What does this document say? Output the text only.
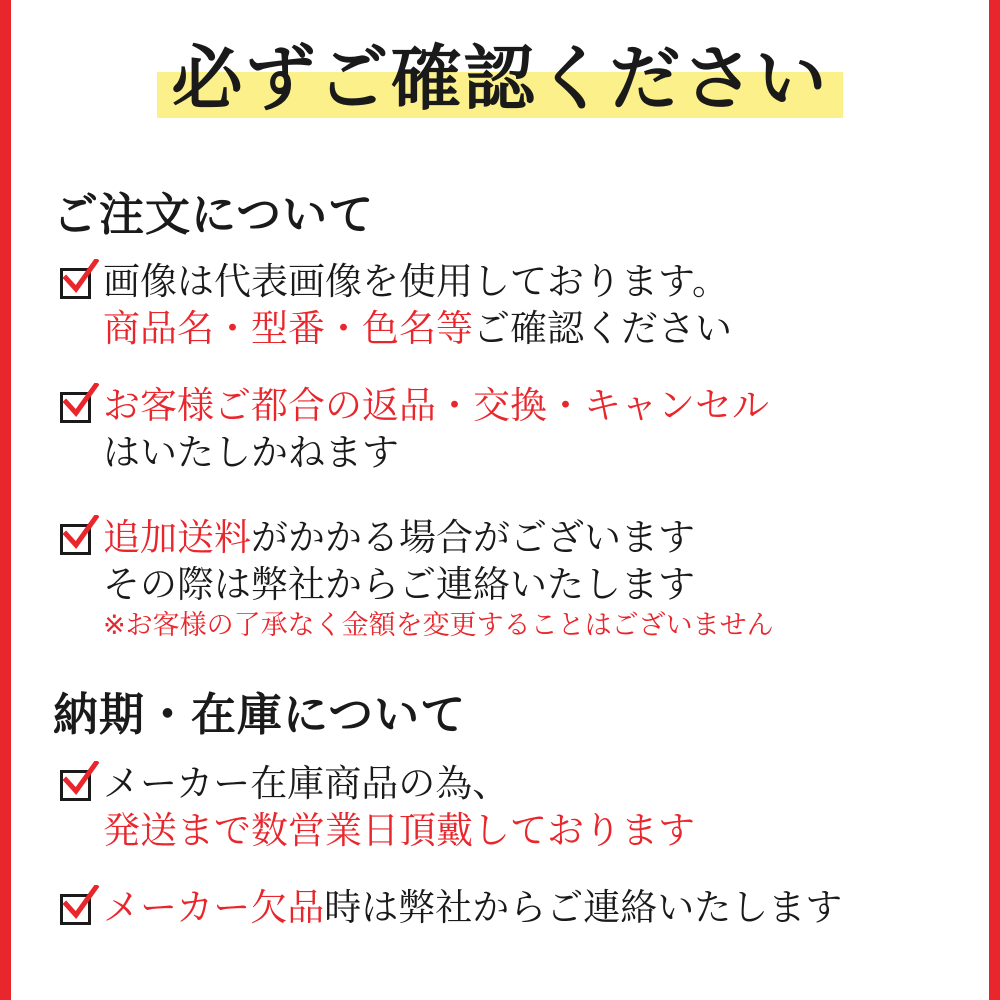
必ずご確認ください
ご注文について
画像は代表画像を使用しております。 商品名・型番・色名等ご確認ください
お客様ご都合の返品・交換・キャンセル はいたしかねます
追加送料がかかる場合がございます その際は弊社からご連絡いたします ※お客様の了承なく金額を変更することはございません
納期・在庫について
メーカー在庫商品の為、 発送まで数営業日頂戴しております
メーカー欠品時は弊社からご連絡いたします
